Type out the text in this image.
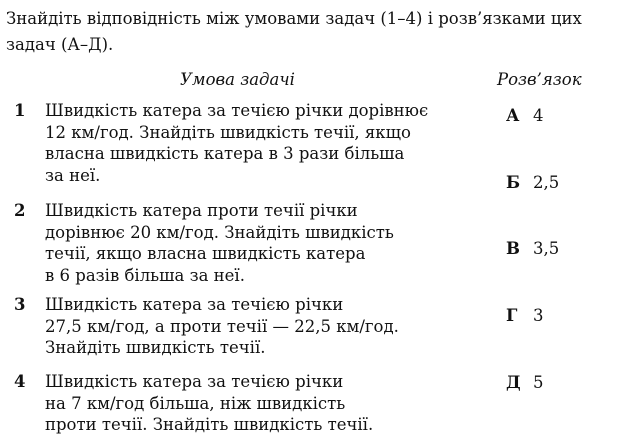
Знайдіть відповідність між умовами задач (1–4) і розв’язками цих задач (А–Д).

Умова задачі	Розв’язок
1 Швидкість катера за течією річки дорівнює
12 км/год. Знайдіть швидкість течії, якщо
власна швидкість катера в 3 рази більша
за неї.
2 Швидкість катера проти течії річки
дорівнює 20 км/год. Знайдіть швидкість
течії, якщо власна швидкість катера
в 6 разів більша за неї.
3 Швидкість катера за течією річки
27,5 км/год, а проти течії — 22,5 км/год.
Знайдіть швидкість течії.
4 Швидкість катера за течією річки
на 7 км/год більша, ніж швидкість
проти течії. Знайдіть швидкість течії.
А 4
Б 2,5
В 3,5
Г 3
Д 5
